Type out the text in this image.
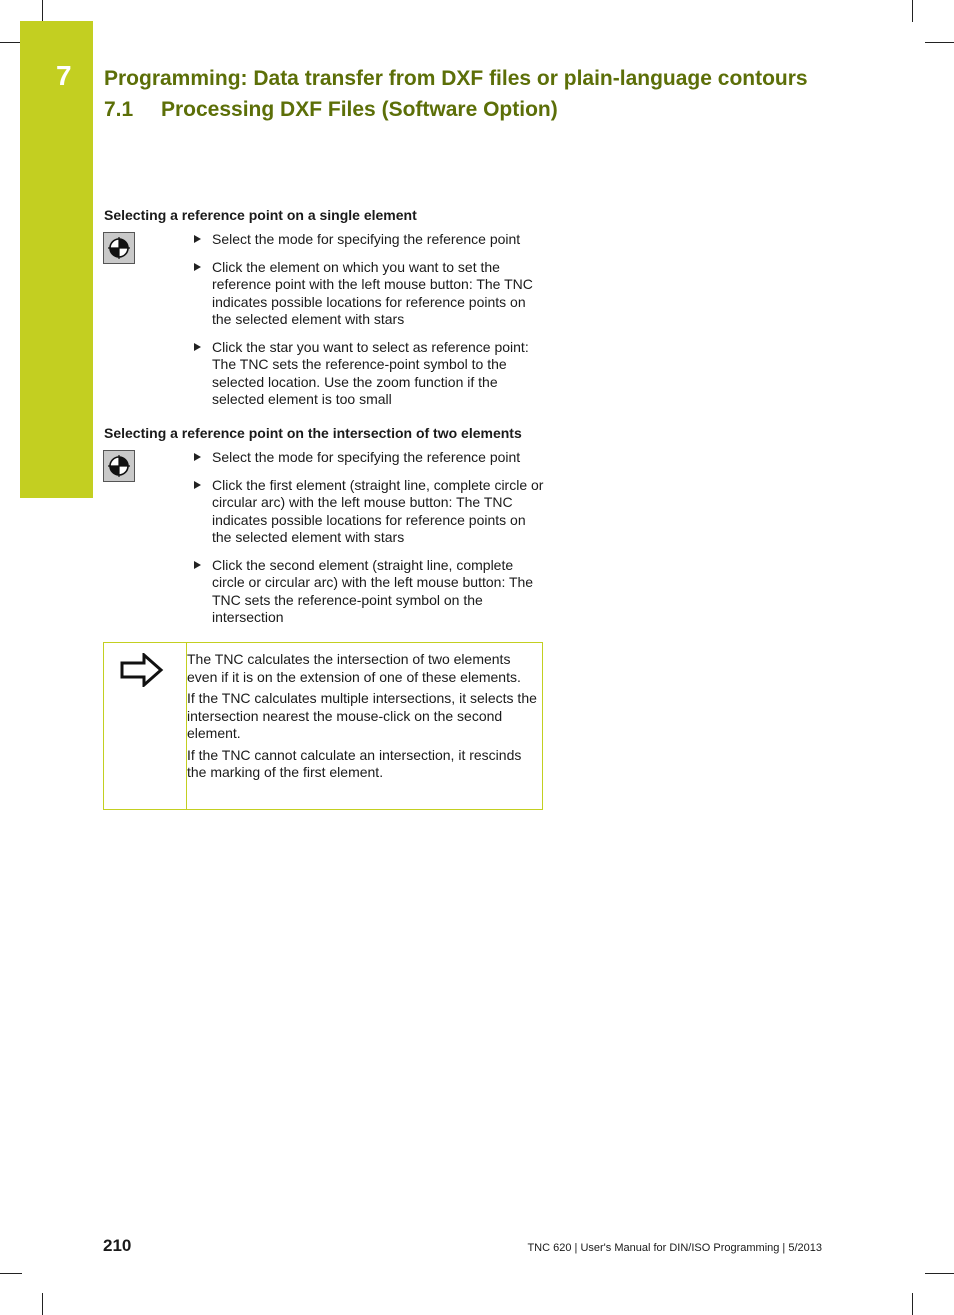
7 Programming: Data transfer from DXF files or plain-language contours
7.1 Processing DXF Files (Software Option)
Selecting a reference point on a single element
Select the mode for specifying the reference point
Click the element on which you want to set the reference point with the left mouse button: The TNC indicates possible locations for reference points on the selected element with stars
Click the star you want to select as reference point: The TNC sets the reference-point symbol to the selected location. Use the zoom function if the selected element is too small
Selecting a reference point on the intersection of two elements
Select the mode for specifying the reference point
Click the first element (straight line, complete circle or circular arc) with the left mouse button: The TNC indicates possible locations for reference points on the selected element with stars
Click the second element (straight line, complete circle or circular arc) with the left mouse button: The TNC sets the reference-point symbol on the intersection

The TNC calculates the intersection of two elements even if it is on the extension of one of these elements.

If the TNC calculates multiple intersections, it selects the intersection nearest the mouse-click on the second element.

If the TNC cannot calculate an intersection, it rescinds the marking of the first element.

210	TNC 620 | User's Manual for DIN/ISO Programming | 5/2013
